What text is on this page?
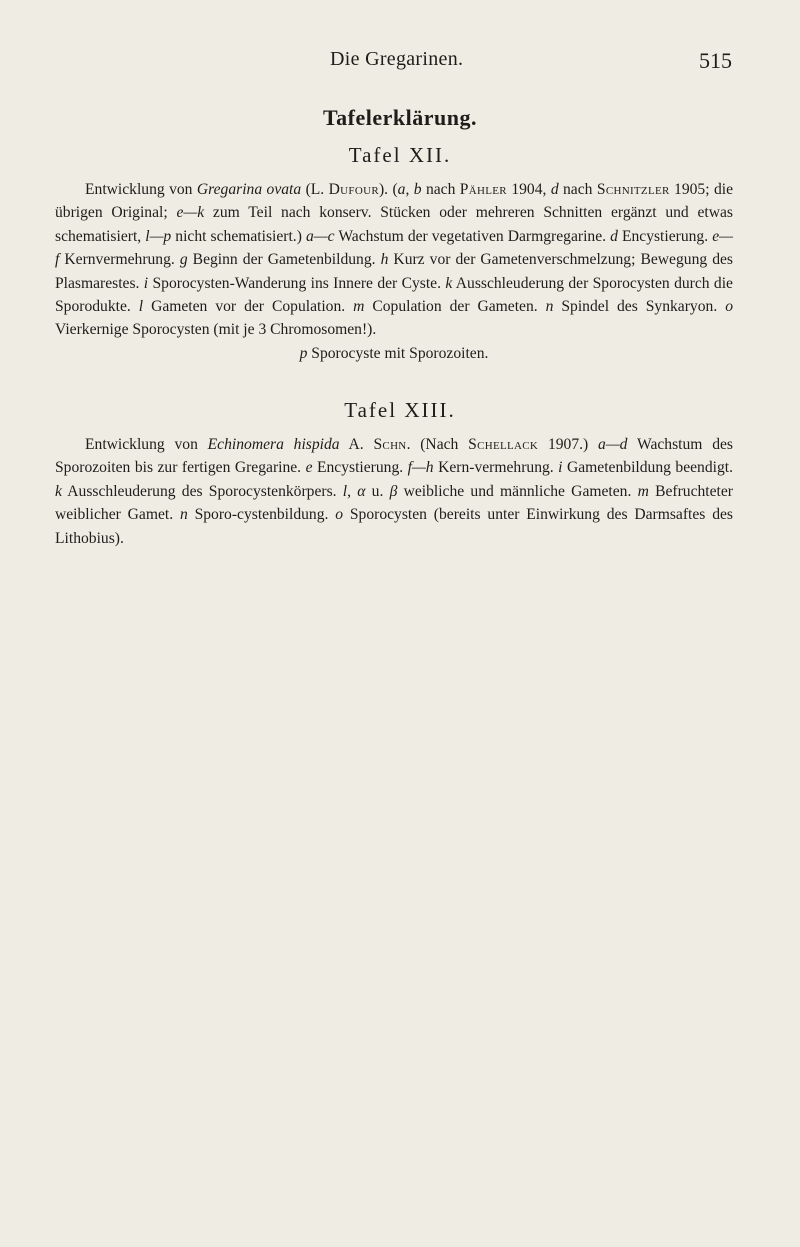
Die Gregarinen.	515
Tafelerklärung.
Tafel XII.

Entwicklung von Gregarina ovata (L. Dufour). (a, b nach Pähler 1904, d nach Schnitzler 1905; die übrigen Original; e—k zum Teil nach konserv. Stücken oder mehreren Schnitten ergänzt und etwas schematisiert, l—p nicht schematisiert.) a—c Wachstum der vegetativen Darmgregarine. d Encystierung. e—f Kernvermehrung. g Beginn der Gametenbildung. h Kurz vor der Gametenverschmelzung; Bewegung des Plasmarestes. i Sporocysten-Wanderung ins Innere der Cyste. k Ausschleuderung der Sporocysten durch die Sporodukte. l Gameten vor der Copulation. m Copulation der Gameten. n Spindel des Synkaryon. o Vierkernige Sporocysten (mit je 3 Chromosomen!).

p Sporocyste mit Sporozoiten.

Tafel XIII.

Entwicklung von Echinomera hispida A. Schn. (Nach Schellack 1907.) a—d Wachstum des Sporozoiten bis zur fertigen Gregarine. e Encystierung. f—h Kern-vermehrung. i Gametenbildung beendigt. k Ausschleuderung des Sporocystenkörpers. l, α u. β weibliche und männliche Gameten. m Befruchteter weiblicher Gamet. n Sporo-cystenbildung. o Sporocysten (bereits unter Einwirkung des Darmsaftes des Lithobius).
